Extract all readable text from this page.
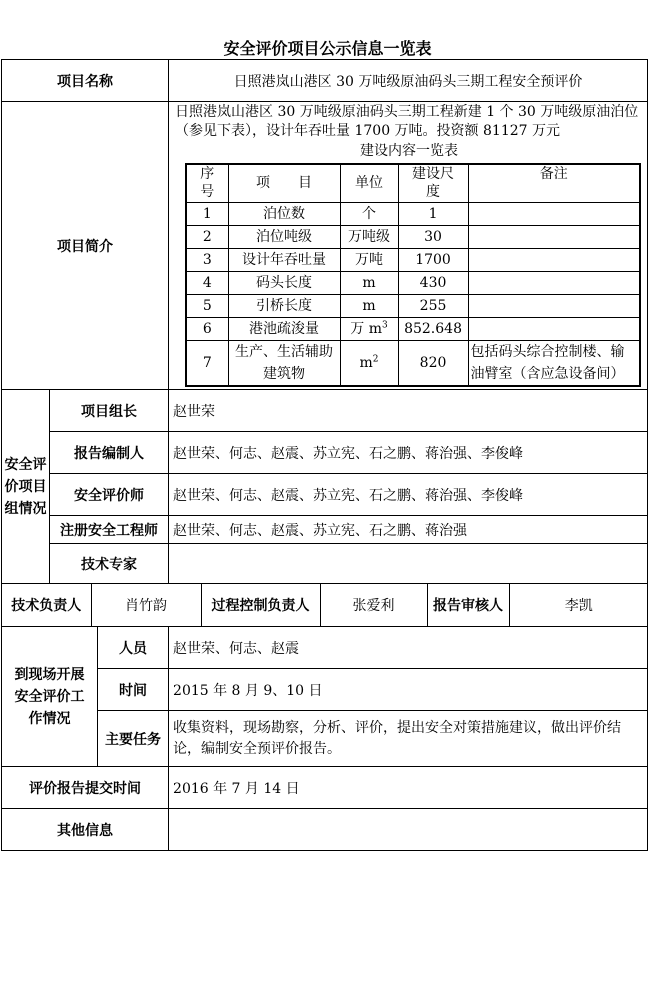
安全评价项目公示信息一览表
项目名称	日照港岚山港区 30 万吨级原油码头三期工程安全预评价
项目简介	
日照港岚山港区 30 万吨级原油码头三期工程新建 1 个 30 万吨级原油泊位（参见下表），设计年吞吐量 1700 万吨。投资额 81127 万元
建设内容一览表
序号	项　　目	单位	建设尺度	备注
1	泊位数	个	1	
2	泊位吨级	万吨级	30	
3	设计年吞吐量	万吨	1700	
4	码头长度	m	430	
5	引桥长度	m	255	
6	港池疏浚量	万 $m^3$	852.648	
7	生产、生活辅助建筑物	$m^2$	820	包括码头综合控制楼、输油臂室（含应急设备间）

安全评价项目组情况	项目组长	赵世荣
报告编制人	赵世荣、何志、赵震、苏立宪、石之鹏、蒋治强、李俊峰
安全评价师	赵世荣、何志、赵震、苏立宪、石之鹏、蒋治强、李俊峰
注册安全工程师	赵世荣、何志、赵震、苏立宪、石之鹏、蒋治强
技术专家	

技术负责人	肖竹韵	过程控制负责人	张爱利	报告审核人	李凯

到现场开展安全评价工作情况	人员	赵世荣、何志、赵震
时间	2015 年 8 月 9、10 日
主要任务	收集资料，现场勘察，分析、评价，提出安全对策措施建议，做出评价结论，编制安全预评价报告。
评价报告提交时间	2016 年 7 月 14 日
其他信息	
